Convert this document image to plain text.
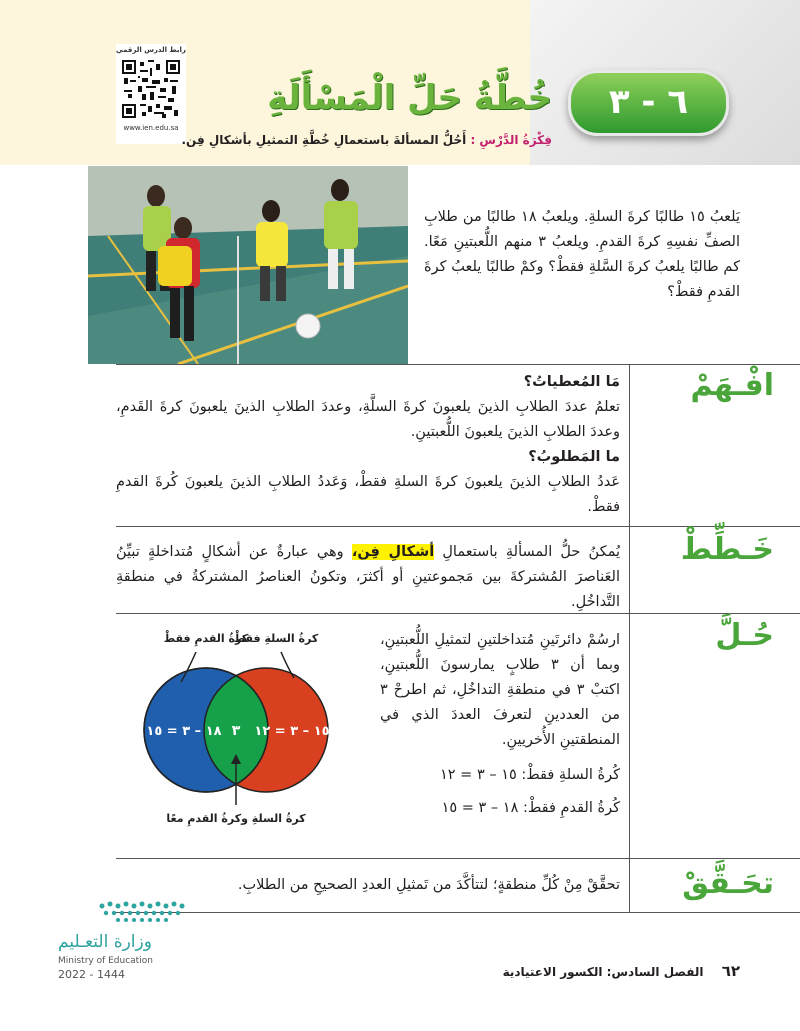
رابط الدرس الرقمي
www.ien.edu.sa
٦ - ٣
خُطَّةُ حَلِّ الْمَسْأَلَةِ
فِكْرَةُ الدَّرْسِ : أَحُلُّ المسألةَ باستعمالِ خُطَّةِ التمثيلِ بأشكالِ فِن.
يَلعبُ ١٥ طالبًا كرةَ السلةِ. ويلعبُ ١٨ طالبًا من طلابِ الصفِّ نفسِهِ كرةَ القدمِ. ويلعبُ ٣ منهم اللُّعبتينِ مَعًا. كم طالبًا يلعبُ كرةَ السَّلةِ فقطْ؟ وكمْ طالبًا يلعبُ كرةَ القدمِ فقطْ؟
افْـهَمْ
مَا المُعطياتُ؟
تعلمُ عددَ الطلابِ الذينَ يلعبونَ كرةَ السلَّةِ، وعددَ الطلابِ الذينَ يلعبونَ كرةَ القَدمِ، وعددَ الطلابِ الذينَ يلعبونَ اللُّعبتينِ.
ما المَطلوبُ؟
عَددُ الطلابِ الذينَ يلعبونَ كرةَ السلةِ فقطْ، وَعَددُ الطلابِ الذينَ يلعبونَ كُرةَ القدمِ فقطْ.
خَـطِّطْ
يُمكنُ حلُّ المسألةِ باستعمالِ أشكالِ فِن، وهي عبارةٌ عن أشكالٍ مُتداخلةٍ تبيِّنُ العَناصرَ المُشتركةَ بين مَجموعتينِ أو أكثرَ، وتكونُ العناصرُ المشتركةُ في منطقةِ التَّداخُلِ.
حُـلَّ
ارسُمْ دائرتَينِ مُتداخلتينِ لتمثيلِ اللُّعبتينِ، وبما أن ٣ طلابٍ يمارسونَ اللُّعبتينِ، اكتبْ ٣ في منطقةِ التداخُلِ، ثم اطرحْ ٣ من العددينِ لتعرفَ العددَ الذي في المنطقتينِ الأُخريينِ.
كُرةُ السلةِ فقطْ: ١٥ – ٣ = ١٢
كُرةُ القدمِ فقطْ: ١٨ – ٣ = ١٥
كرةُ القدمِ فقطْ
كرةُ السلةِ فقطْ
١٨ – ٣ = ١٥ ٣ ١٥ – ٣ = ١٢
كرةُ السلةِ وكرةُ القدمِ معًا
تحَـقَّقْ
تحقَّقْ مِنْ كُلِّ منطقةٍ؛ لتتأكَّدَ من تَمثيلِ العددِ الصحيحِ من الطلابِ.
وزارة التعـليم
Ministry of Education
2022 - 1444	٦٢ الفصل السادس: الكسور الاعتيادية
